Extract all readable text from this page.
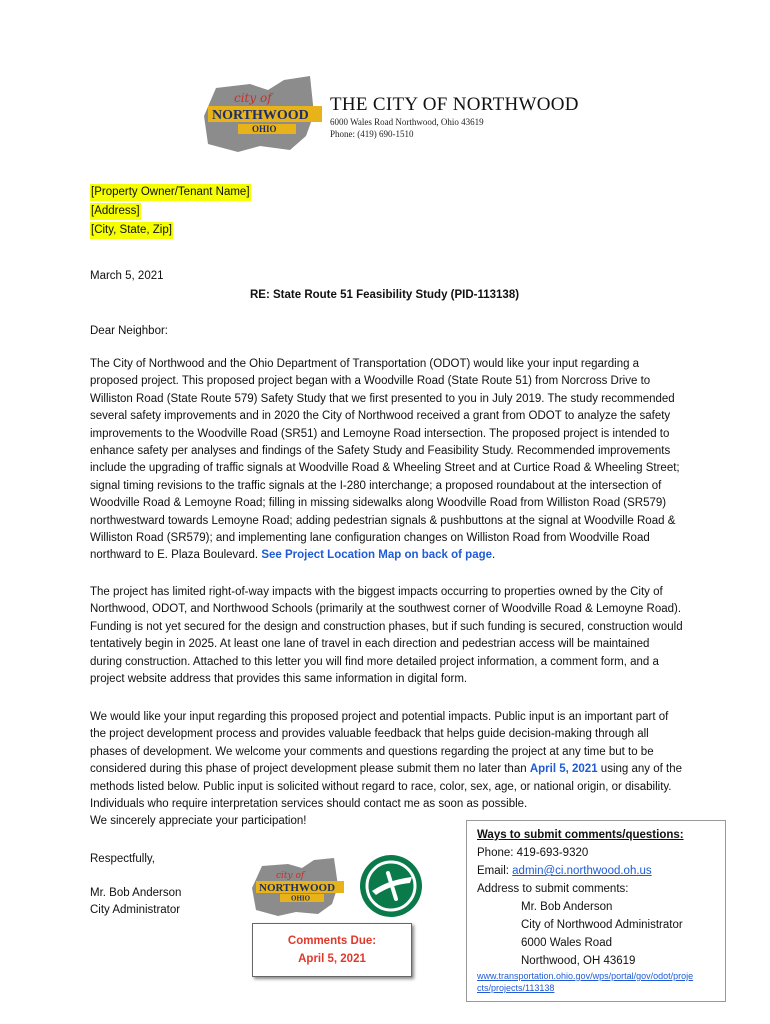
city of
NORTHWOOD
OHIO
THE CITY OF NORTHWOOD
6000 Wales Road Northwood, Ohio 43619
Phone: (419) 690-1510
[Property Owner/Tenant Name]
[Address]
[City, State, Zip]
March 5, 2021
RE: State Route 51 Feasibility Study (PID-113138)
Dear Neighbor:
The City of Northwood and the Ohio Department of Transportation (ODOT) would like your input regarding a
proposed project. This proposed project began with a Woodville Road (State Route 51) from Norcross Drive to
Williston Road (State Route 579) Safety Study that we first presented to you in July 2019. The study recommended
several safety improvements and in 2020 the City of Northwood received a grant from ODOT to analyze the safety
improvements to the Woodville Road (SR51) and Lemoyne Road intersection. The proposed project is intended to
enhance safety per analyses and findings of the Safety Study and Feasibility Study. Recommended improvements
include the upgrading of traffic signals at Woodville Road & Wheeling Street and at Curtice Road & Wheeling Street;
signal timing revisions to the traffic signals at the I-280 interchange; a proposed roundabout at the intersection of
Woodville Road & Lemoyne Road; filling in missing sidewalks along Woodville Road from Williston Road (SR579)
northwestward towards Lemoyne Road; adding pedestrian signals & pushbuttons at the signal at Woodville Road &
Williston Road (SR579); and implementing lane configuration changes on Williston Road from Woodville Road
northward to E. Plaza Boulevard. See Project Location Map on back of page.
The project has limited right-of-way impacts with the biggest impacts occurring to properties owned by the City of
Northwood, ODOT, and Northwood Schools (primarily at the southwest corner of Woodville Road & Lemoyne Road).
Funding is not yet secured for the design and construction phases, but if such funding is secured, construction would
tentatively begin in 2025. At least one lane of travel in each direction and pedestrian access will be maintained
during construction. Attached to this letter you will find more detailed project information, a comment form, and a
project website address that provides this same information in digital form.
We would like your input regarding this proposed project and potential impacts. Public input is an important part of
the project development process and provides valuable feedback that helps guide decision-making through all
phases of development. We welcome your comments and questions regarding the project at any time but to be
considered during this phase of project development please submit them no later than April 5, 2021 using any of the
methods listed below. Public input is solicited without regard to race, color, sex, age, or national origin, or disability.
Individuals who require interpretation services should contact me as soon as possible.
We sincerely appreciate your participation!
Respectfully,
Mr. Bob Anderson
City Administrator
city of
NORTHWOOD
OHIO
Comments Due:
April 5, 2021
Ways to submit comments/questions:
Phone: 419-693-9320
Email: admin@ci.northwood.oh.us
Address to submit comments:
Mr. Bob Anderson
City of Northwood Administrator
6000 Wales Road
Northwood, OH 43619
www.transportation.ohio.gov/wps/portal/gov/odot/proje
cts/projects/113138
